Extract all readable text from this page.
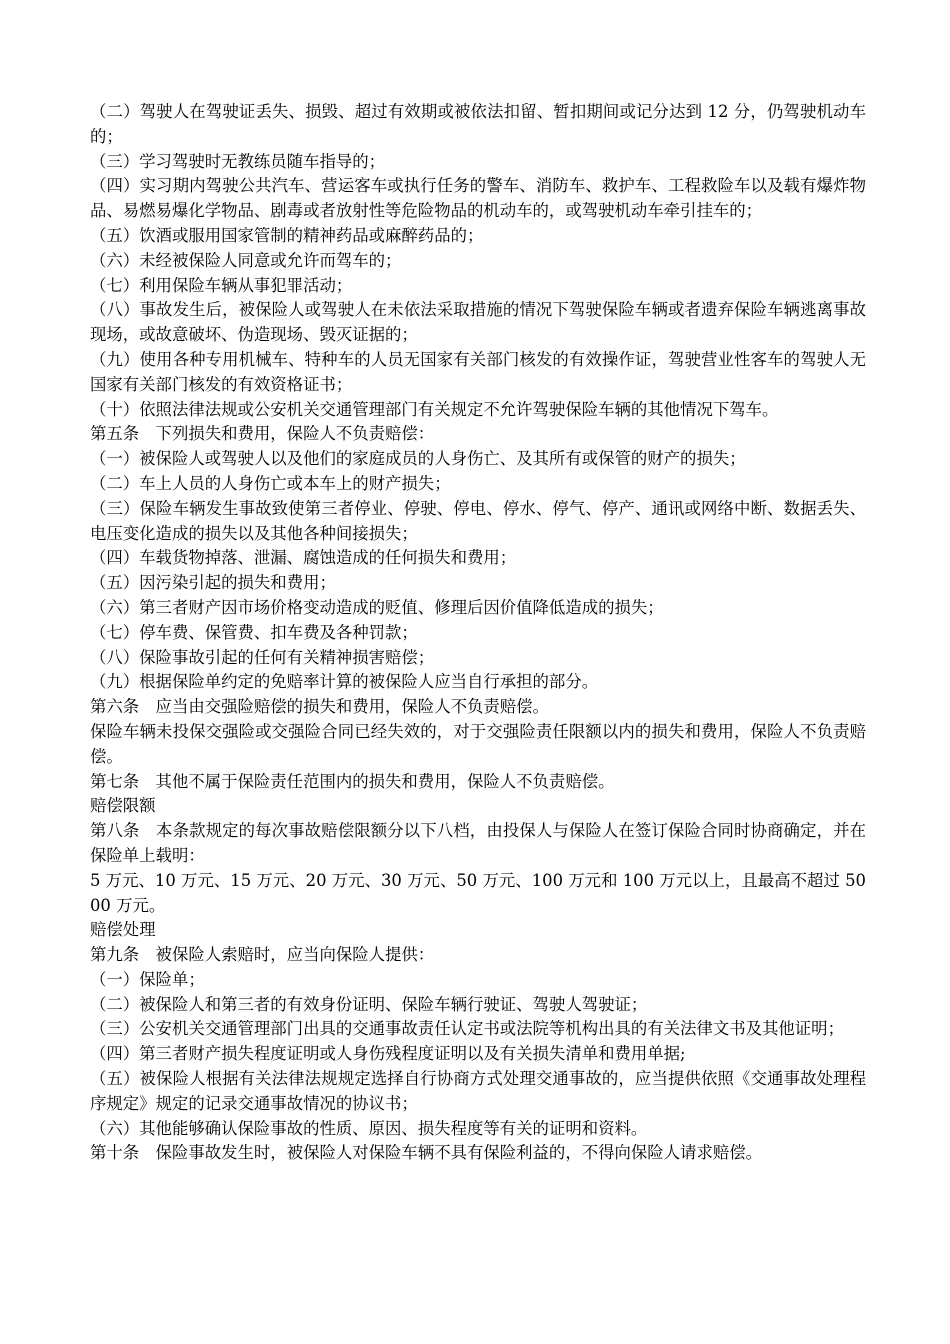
（二）驾驶人在驾驶证丢失、损毁、超过有效期或被依法扣留、暂扣期间或记分达到 12 分，仍驾驶机动车的；

（三）学习驾驶时无教练员随车指导的；

（四）实习期内驾驶公共汽车、营运客车或执行任务的警车、消防车、救护车、工程救险车以及载有爆炸物品、易燃易爆化学物品、剧毒或者放射性等危险物品的机动车的，或驾驶机动车牵引挂车的；

（五）饮酒或服用国家管制的精神药品或麻醉药品的；

（六）未经被保险人同意或允许而驾车的；

（七）利用保险车辆从事犯罪活动；

（八）事故发生后，被保险人或驾驶人在未依法采取措施的情况下驾驶保险车辆或者遗弃保险车辆逃离事故现场，或故意破坏、伪造现场、毁灭证据的；

（九）使用各种专用机械车、特种车的人员无国家有关部门核发的有效操作证，驾驶营业性客车的驾驶人无国家有关部门核发的有效资格证书；

（十）依照法律法规或公安机关交通管理部门有关规定不允许驾驶保险车辆的其他情况下驾车。

第五条　下列损失和费用，保险人不负责赔偿：

（一）被保险人或驾驶人以及他们的家庭成员的人身伤亡、及其所有或保管的财产的损失；

（二）车上人员的人身伤亡或本车上的财产损失；

（三）保险车辆发生事故致使第三者停业、停驶、停电、停水、停气、停产、通讯或网络中断、数据丢失、电压变化造成的损失以及其他各种间接损失；

（四）车载货物掉落、泄漏、腐蚀造成的任何损失和费用；

（五）因污染引起的损失和费用；

（六）第三者财产因市场价格变动造成的贬值、修理后因价值降低造成的损失；

（七）停车费、保管费、扣车费及各种罚款；

（八）保险事故引起的任何有关精神损害赔偿；

（九）根据保险单约定的免赔率计算的被保险人应当自行承担的部分。

第六条　应当由交强险赔偿的损失和费用，保险人不负责赔偿。

保险车辆未投保交强险或交强险合同已经失效的，对于交强险责任限额以内的损失和费用，保险人不负责赔偿。

第七条　其他不属于保险责任范围内的损失和费用，保险人不负责赔偿。

赔偿限额

第八条　本条款规定的每次事故赔偿限额分以下八档，由投保人与保险人在签订保险合同时协商确定，并在保险单上载明：

5 万元、10 万元、15 万元、20 万元、30 万元、50 万元、100 万元和 100 万元以上，且最高不超过 5000 万元。

赔偿处理

第九条　被保险人索赔时，应当向保险人提供：

（一）保险单；

（二）被保险人和第三者的有效身份证明、保险车辆行驶证、驾驶人驾驶证；

（三）公安机关交通管理部门出具的交通事故责任认定书或法院等机构出具的有关法律文书及其他证明；

（四）第三者财产损失程度证明或人身伤残程度证明以及有关损失清单和费用单据;

（五）被保险人根据有关法律法规规定选择自行协商方式处理交通事故的，应当提供依照《交通事故处理程序规定》规定的记录交通事故情况的协议书；

（六）其他能够确认保险事故的性质、原因、损失程度等有关的证明和资料。

第十条　保险事故发生时，被保险人对保险车辆不具有保险利益的，不得向保险人请求赔偿。
